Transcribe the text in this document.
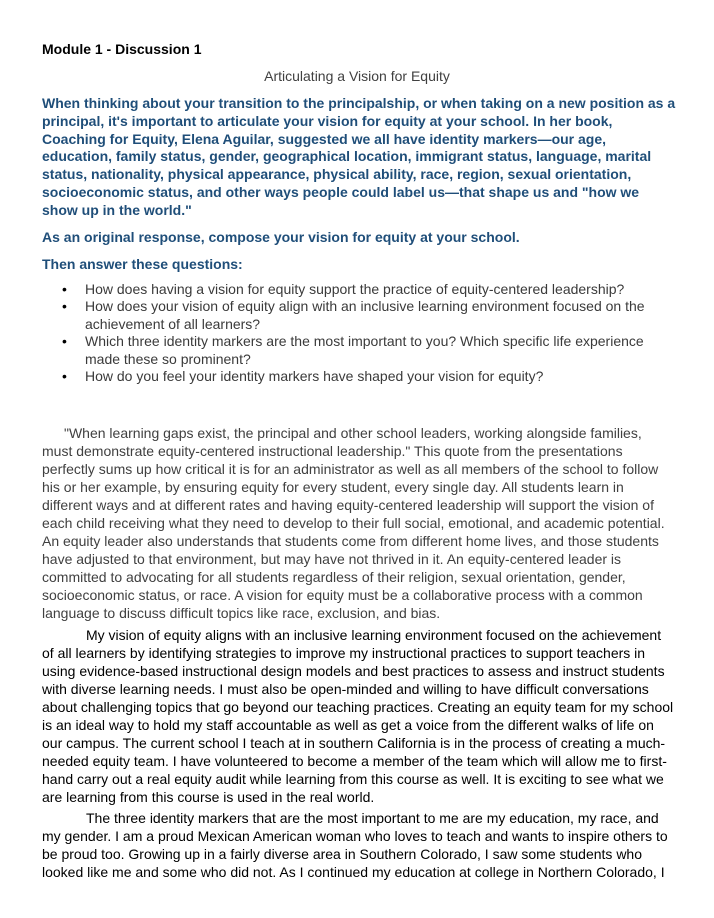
Module 1 - Discussion 1

Articulating a Vision for Equity

When thinking about your transition to the principalship, or when taking on a new position as a principal, it's important to articulate your vision for equity at your school. In her book, Coaching for Equity, Elena Aguilar, suggested we all have identity markers—our age, education, family status, gender, geographical location, immigrant status, language, marital status, nationality, physical appearance, physical ability, race, region, sexual orientation, socioeconomic status, and other ways people could label us—that shape us and "how we show up in the world."

As an original response, compose your vision for equity at your school.

Then answer these questions:

• How does having a vision for equity support the practice of equity-centered leadership?
• How does your vision of equity align with an inclusive learning environment focused on the achievement of all learners?
• Which three identity markers are the most important to you? Which specific life experience made these so prominent?
• How do you feel your identity markers have shaped your vision for equity?

"When learning gaps exist, the principal and other school leaders, working alongside families, must demonstrate equity-centered instructional leadership." This quote from the presentations perfectly sums up how critical it is for an administrator as well as all members of the school to follow his or her example, by ensuring equity for every student, every single day. All students learn in different ways and at different rates and having equity-centered leadership will support the vision of each child receiving what they need to develop to their full social, emotional, and academic potential. An equity leader also understands that students come from different home lives, and those students have adjusted to that environment, but may have not thrived in it. An equity-centered leader is committed to advocating for all students regardless of their religion, sexual orientation, gender, socioeconomic status, or race. A vision for equity must be a collaborative process with a common language to discuss difficult topics like race, exclusion, and bias.

My vision of equity aligns with an inclusive learning environment focused on the achievement of all learners by identifying strategies to improve my instructional practices to support teachers in using evidence-based instructional design models and best practices to assess and instruct students with diverse learning needs. I must also be open-minded and willing to have difficult conversations about challenging topics that go beyond our teaching practices. Creating an equity team for my school is an ideal way to hold my staff accountable as well as get a voice from the different walks of life on our campus. The current school I teach at in southern California is in the process of creating a much-needed equity team. I have volunteered to become a member of the team which will allow me to first-hand carry out a real equity audit while learning from this course as well. It is exciting to see what we are learning from this course is used in the real world.

The three identity markers that are the most important to me are my education, my race, and my gender. I am a proud Mexican American woman who loves to teach and wants to inspire others to be proud too. Growing up in a fairly diverse area in Southern Colorado, I saw some students who looked like me and some who did not. As I continued my education at college in Northern Colorado, I
